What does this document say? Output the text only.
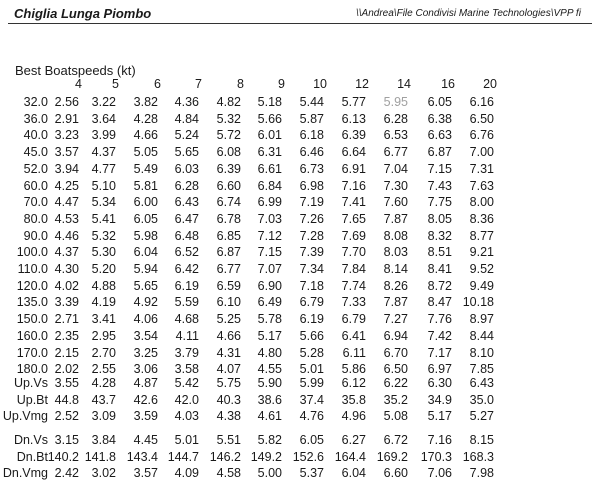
Chiglia Lunga Piombo	\\Andrea\File Condivisi Marine Technologies\VPP fi
Best Boatspeeds (kt)
4	5	6	7	8	9	10	12	14	16	20
32.0 2.56	3.22	3.82	4.36	4.82	5.18	5.44	5.77	5.95	6.05	6.16
36.0 2.91	3.64	4.28	4.84	5.32	5.66	5.87	6.13	6.28	6.38	6.50
40.0 3.23	3.99	4.66	5.24	5.72	6.01	6.18	6.39	6.53	6.63	6.76
45.0 3.57	4.37	5.05	5.65	6.08	6.31	6.46	6.64	6.77	6.87	7.00
52.0 3.94	4.77	5.49	6.03	6.39	6.61	6.73	6.91	7.04	7.15	7.31
60.0 4.25	5.10	5.81	6.28	6.60	6.84	6.98	7.16	7.30	7.43	7.63
70.0 4.47	5.34	6.00	6.43	6.74	6.99	7.19	7.41	7.60	7.75	8.00
80.0 4.53	5.41	6.05	6.47	6.78	7.03	7.26	7.65	7.87	8.05	8.36
90.0 4.46	5.32	5.98	6.48	6.85	7.12	7.28	7.69	8.08	8.32	8.77
100.0 4.37	5.30	6.04	6.52	6.87	7.15	7.39	7.70	8.03	8.51	9.21
110.0 4.30	5.20	5.94	6.42	6.77	7.07	7.34	7.84	8.14	8.41	9.52
120.0 4.02	4.88	5.65	6.19	6.59	6.90	7.18	7.74	8.26	8.72	9.49
135.0 3.39	4.19	4.92	5.59	6.10	6.49	6.79	7.33	7.87	8.47 10.18
150.0 2.71	3.41	4.06	4.68	5.25	5.78	6.19	6.79	7.27	7.76	8.97
160.0 2.35	2.95	3.54	4.11	4.66	5.17	5.66	6.41	6.94	7.42	8.44
170.0 2.15	2.70	3.25	3.79	4.31	4.80	5.28	6.11	6.70	7.17	8.10
180.0 2.02	2.55	3.06	3.58	4.07	4.55	5.01	5.86	6.50	6.97	7.85
Up.Vs 3.55	4.28	4.87	5.42	5.75	5.90	5.99	6.12	6.22	6.30	6.43
Up.Bt 44.8	43.7	42.6	42.0	40.3	38.6	37.4	35.8	35.2	34.9	35.0
Up.Vmg 2.52	3.09	3.59	4.03	4.38	4.61	4.76	4.96	5.08	5.17	5.27
Dn.Vs 3.15	3.84	4.45	5.01	5.51	5.82	6.05	6.27	6.72	7.16	8.15
Dn.Bt 140.2 141.8 143.4 144.7 146.2 149.2 152.6 164.4 169.2	170.3 168.3
Dn.Vmg 2.42	3.02	3.57	4.09	4.58	5.00	5.37	6.04	6.60	7.06	7.98
